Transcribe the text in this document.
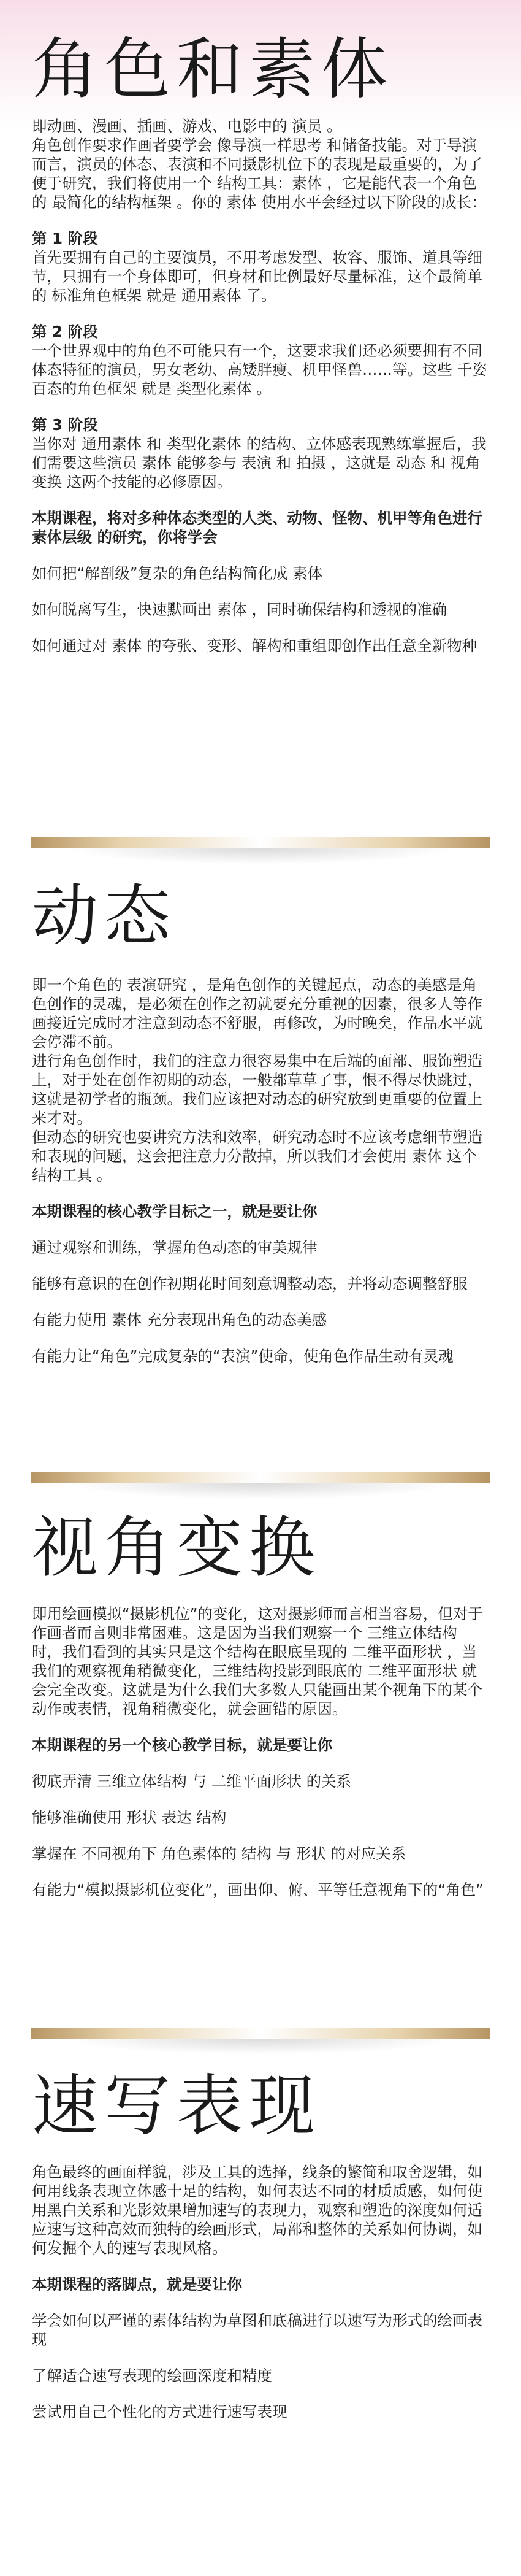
角色和素体

即动画、漫画、插画、游戏、电影中的 演员 。

角色创作要求作画者要学会 像导演一样思考 和储备技能。对于导演而言，演员的体态、表演和不同摄影机位下的表现是最重要的，为了便于研究，我们将使用一个 结构工具：素体 ，它是能代表一个角色的 最简化的结构框架 。你的 素体 使用水平会经过以下阶段的成长：

第 1 阶段

首先要拥有自己的主要演员，不用考虑发型、妆容、服饰、道具等细节，只拥有一个身体即可，但身材和比例最好尽量标准，这个最简单的 标准角色框架 就是 通用素体 了。

第 2 阶段

一个世界观中的角色不可能只有一个，这要求我们还必须要拥有不同体态特征的演员，男女老幼、高矮胖瘦、机甲怪兽……等。这些 千姿百态的角色框架 就是 类型化素体 。

第 3 阶段

当你对 通用素体 和 类型化素体 的结构、立体感表现熟练掌握后，我们需要这些演员 素体 能够参与 表演 和 拍摄 ，这就是 动态 和 视角变换 这两个技能的必修原因。

本期课程，将对多种体态类型的人类、动物、怪物、机甲等角色进行 素体层级 的研究，你将学会

如何把“解剖级”复杂的角色结构简化成 素体

如何脱离写生，快速默画出 素体 ，同时确保结构和透视的准确

如何通过对 素体 的夸张、变形、解构和重组即创作出任意全新物种

动态

即一个角色的 表演研究 ，是角色创作的关键起点，动态的美感是角色创作的灵魂，是必须在创作之初就要充分重视的因素，很多人等作画接近完成时才注意到动态不舒服，再修改，为时晚矣，作品水平就会停滞不前。

进行角色创作时，我们的注意力很容易集中在后端的面部、服饰塑造上，对于处在创作初期的动态，一般都草草了事，恨不得尽快跳过，这就是初学者的瓶颈。我们应该把对动态的研究放到更重要的位置上来才对。

但动态的研究也要讲究方法和效率，研究动态时不应该考虑细节塑造和表现的问题，这会把注意力分散掉，所以我们才会使用 素体 这个 结构工具 。

本期课程的核心教学目标之一，就是要让你

通过观察和训练，掌握角色动态的审美规律

能够有意识的在创作初期花时间刻意调整动态，并将动态调整舒服

有能力使用 素体 充分表现出角色的动态美感

有能力让“角色”完成复杂的“表演”使命，使角色作品生动有灵魂

视角变换

即用绘画模拟“摄影机位”的变化，这对摄影师而言相当容易，但对于作画者而言则非常困难。这是因为当我们观察一个 三维立体结构 时，我们看到的其实只是这个结构在眼底呈现的 二维平面形状 ，当我们的观察视角稍微变化，三维结构投影到眼底的 二维平面形状 就会完全改变。这就是为什么我们大多数人只能画出某个视角下的某个动作或表情，视角稍微变化，就会画错的原因。

本期课程的另一个核心教学目标，就是要让你

彻底弄清 三维立体结构 与 二维平面形状 的关系

能够准确使用 形状 表达 结构

掌握在 不同视角下 角色素体的 结构 与 形状 的对应关系

有能力“模拟摄影机位变化”，画出仰、俯、平等任意视角下的“角色”

速写表现

角色最终的画面样貌，涉及工具的选择，线条的繁简和取舍逻辑，如何用线条表现立体感十足的结构，如何表达不同的材质质感，如何使用黑白关系和光影效果增加速写的表现力，观察和塑造的深度如何适应速写这种高效而独特的绘画形式，局部和整体的关系如何协调，如何发掘个人的速写表现风格。

本期课程的落脚点，就是要让你

学会如何以严谨的素体结构为草图和底稿进行以速写为形式的绘画表现

了解适合速写表现的绘画深度和精度

尝试用自己个性化的方式进行速写表现
